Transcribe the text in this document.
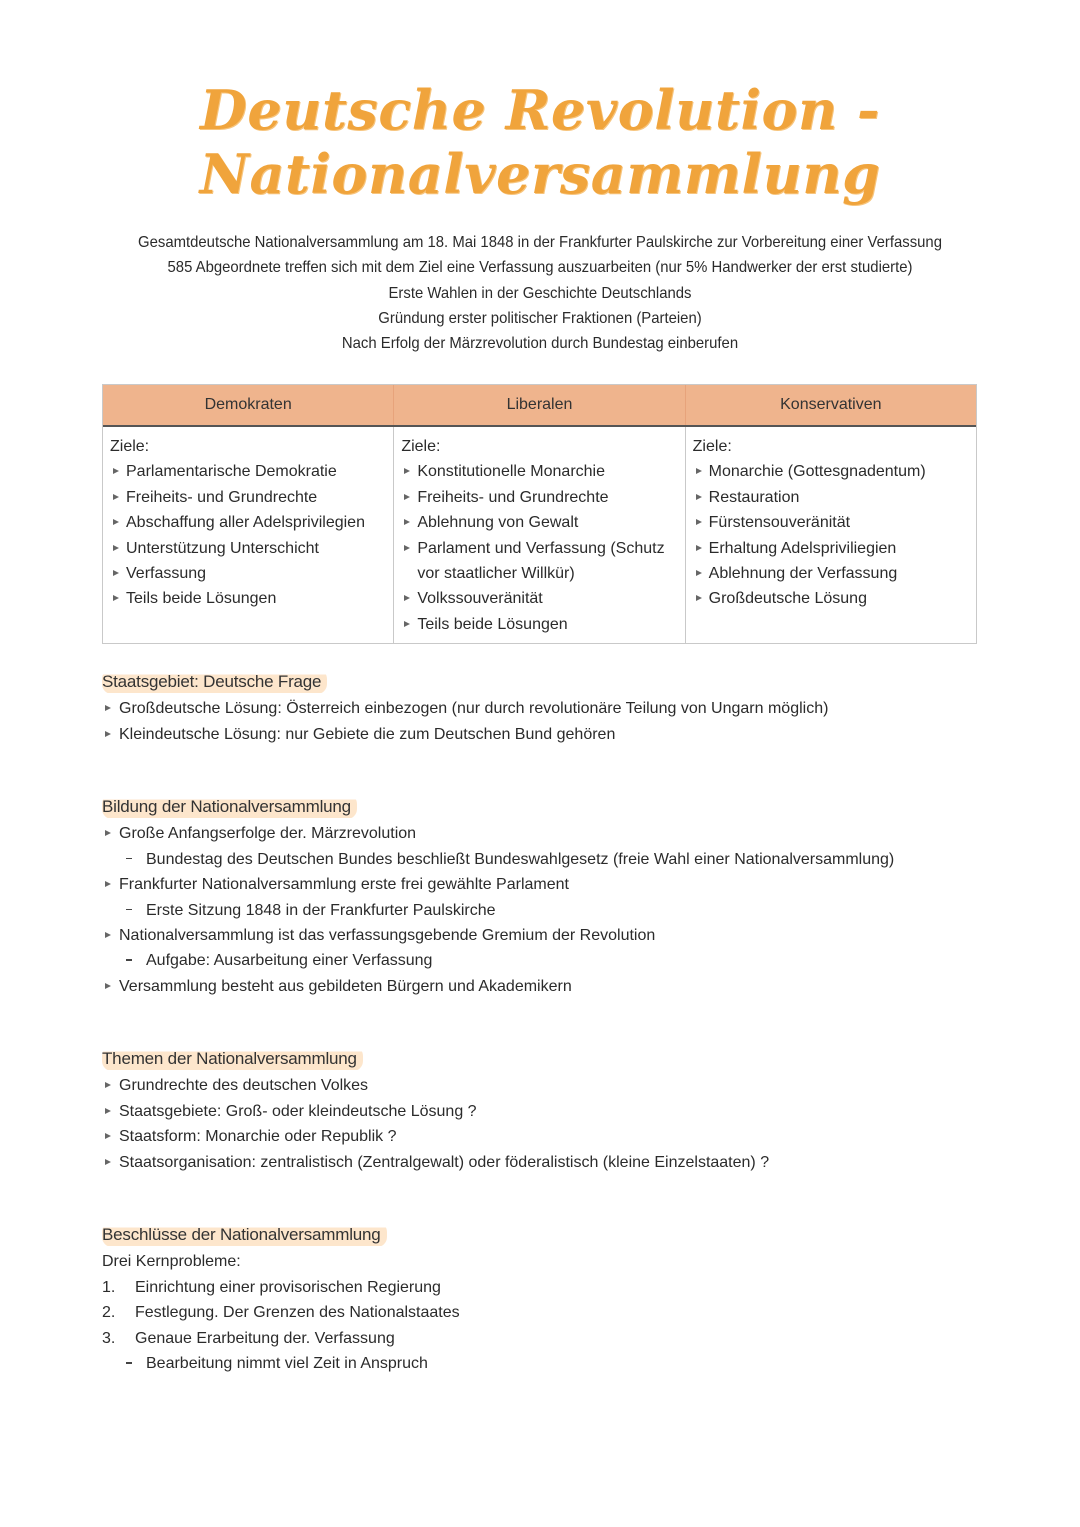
Deutsche Revolution - Nationalversammlung
Gesamtdeutsche Nationalversammlung am 18. Mai 1848 in der Frankfurter Paulskirche zur Vorbereitung einer Verfassung
585 Abgeordnete treffen sich mit dem Ziel eine Verfassung auszuarbeiten (nur 5% Handwerker der erst studierte)
Erste Wahlen in der Geschichte Deutschlands
Gründung erster politischer Fraktionen (Parteien)
Nach Erfolg der Märzrevolution durch Bundestag einberufen
Demokraten	Liberalen	Konservativen
Ziele:
Parlamentarische Demokratie
Freiheits- und Grundrechte
Abschaffung aller Adelsprivilegien
Unterstützung Unterschicht
Verfassung
Teils beide Lösungen
Ziele:
Konstitutionelle Monarchie
Freiheits- und Grundrechte
Ablehnung von Gewalt
Parlament und Verfassung (Schutz vor staatlicher Willkür)
Volkssouveränität
Teils beide Lösungen
Ziele:
Monarchie (Gottesgnadentum)
Restauration
Fürstensouveränität
Erhaltung Adelspriviliegien
Ablehnung der Verfassung
Großdeutsche Lösung
Staatsgebiet: Deutsche Frage
Großdeutsche Lösung: Österreich einbezogen (nur durch revolutionäre Teilung von Ungarn möglich)
Kleindeutsche Lösung: nur Gebiete die zum Deutschen Bund gehören
Bildung der Nationalversammlung
Große Anfangserfolge der. Märzrevolution
Bundestag des Deutschen Bundes beschließt Bundeswahlgesetz (freie Wahl einer Nationalversammlung)
Frankfurter Nationalversammlung erste frei gewählte Parlament
Erste Sitzung 1848 in der Frankfurter Paulskirche
Nationalversammlung ist das verfassungsgebende Gremium der Revolution
Aufgabe: Ausarbeitung einer Verfassung
Versammlung besteht aus gebildeten Bürgern und Akademikern
Themen der Nationalversammlung
Grundrechte des deutschen Volkes
Staatsgebiete: Groß- oder kleindeutsche Lösung ?
Staatsform: Monarchie oder Republik ?
Staatsorganisation: zentralistisch (Zentralgewalt) oder föderalistisch (kleine Einzelstaaten) ?
Beschlüsse der Nationalversammlung
Drei Kernprobleme:
1. Einrichtung einer provisorischen Regierung
2. Festlegung. Der Grenzen des Nationalstaates
3. Genaue Erarbeitung der. Verfassung
Bearbeitung nimmt viel Zeit in Anspruch
